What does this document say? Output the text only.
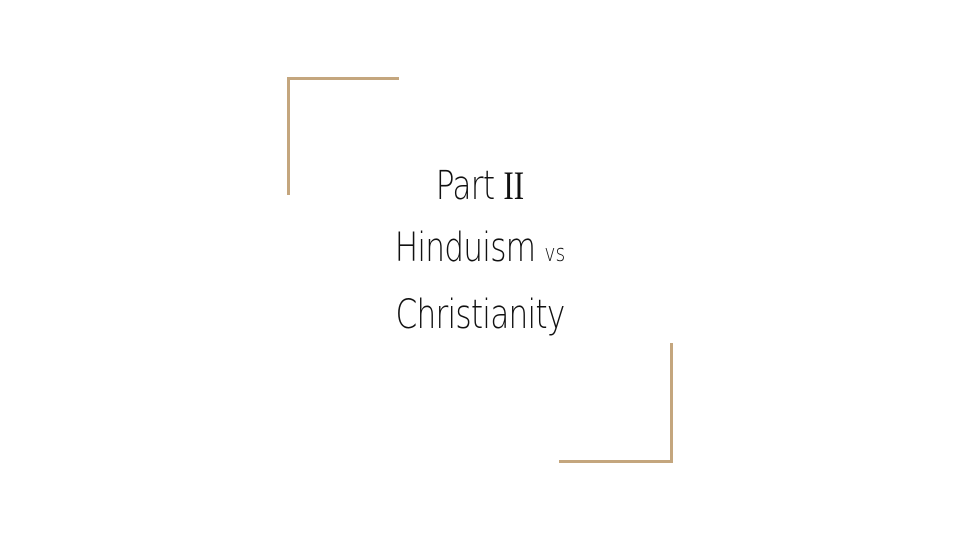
Part II
Hinduism vs
Christianity
